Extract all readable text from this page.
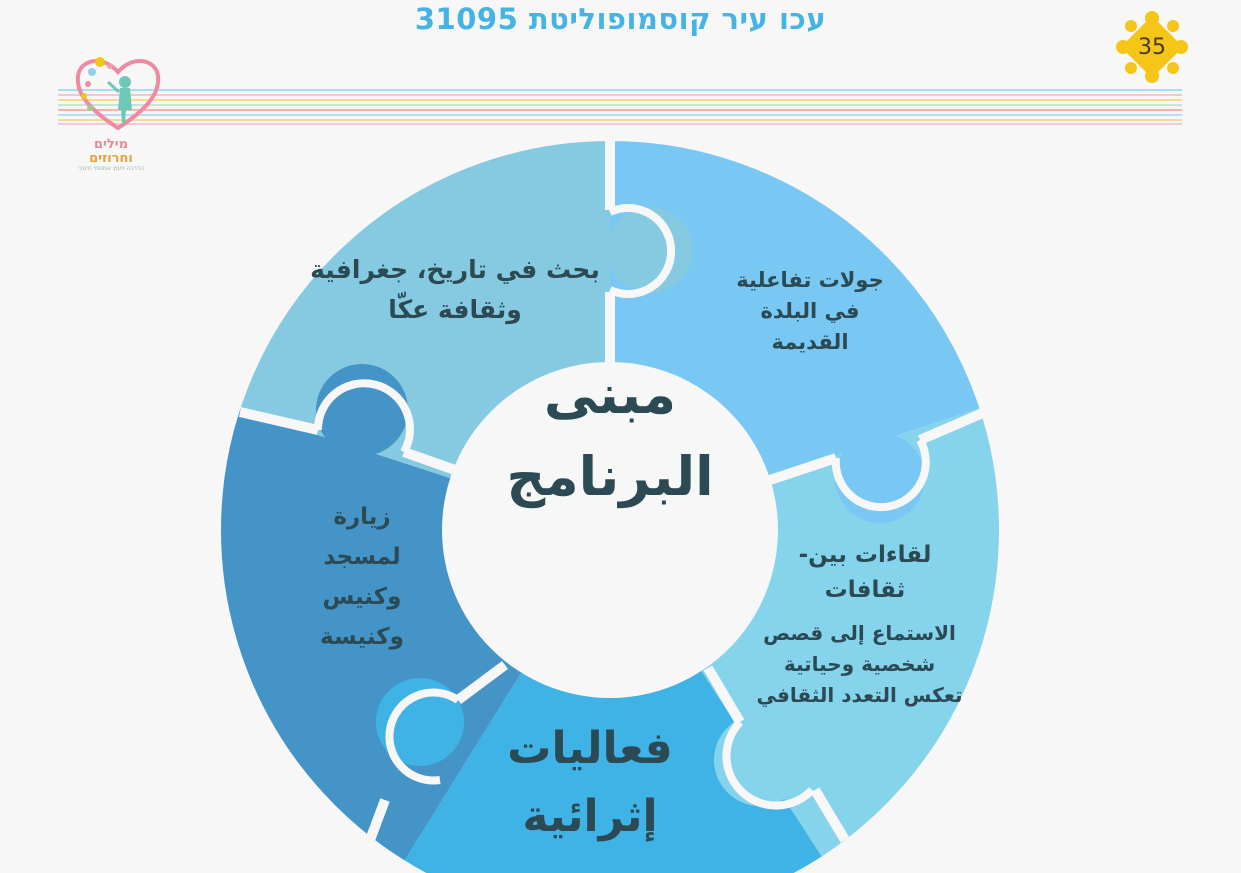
עכו עיר קוסמופוליטת 31095
35
מילים
וחרוזים
הדרכה ויעוץ אמנותי חינוכי
مبنى
البرنامج
بحث في تاريخ، جغرافية وثقافة عكّا
جولات تفاعلية في البلدة القديمة
لقاءات بين- ثقافات
الاستماع إلى قصص شخصية وحياتية تعكس التعدد الثقافي
فعاليات
إثرائية
زيارة لمسجد وكنيس وكنيسة
